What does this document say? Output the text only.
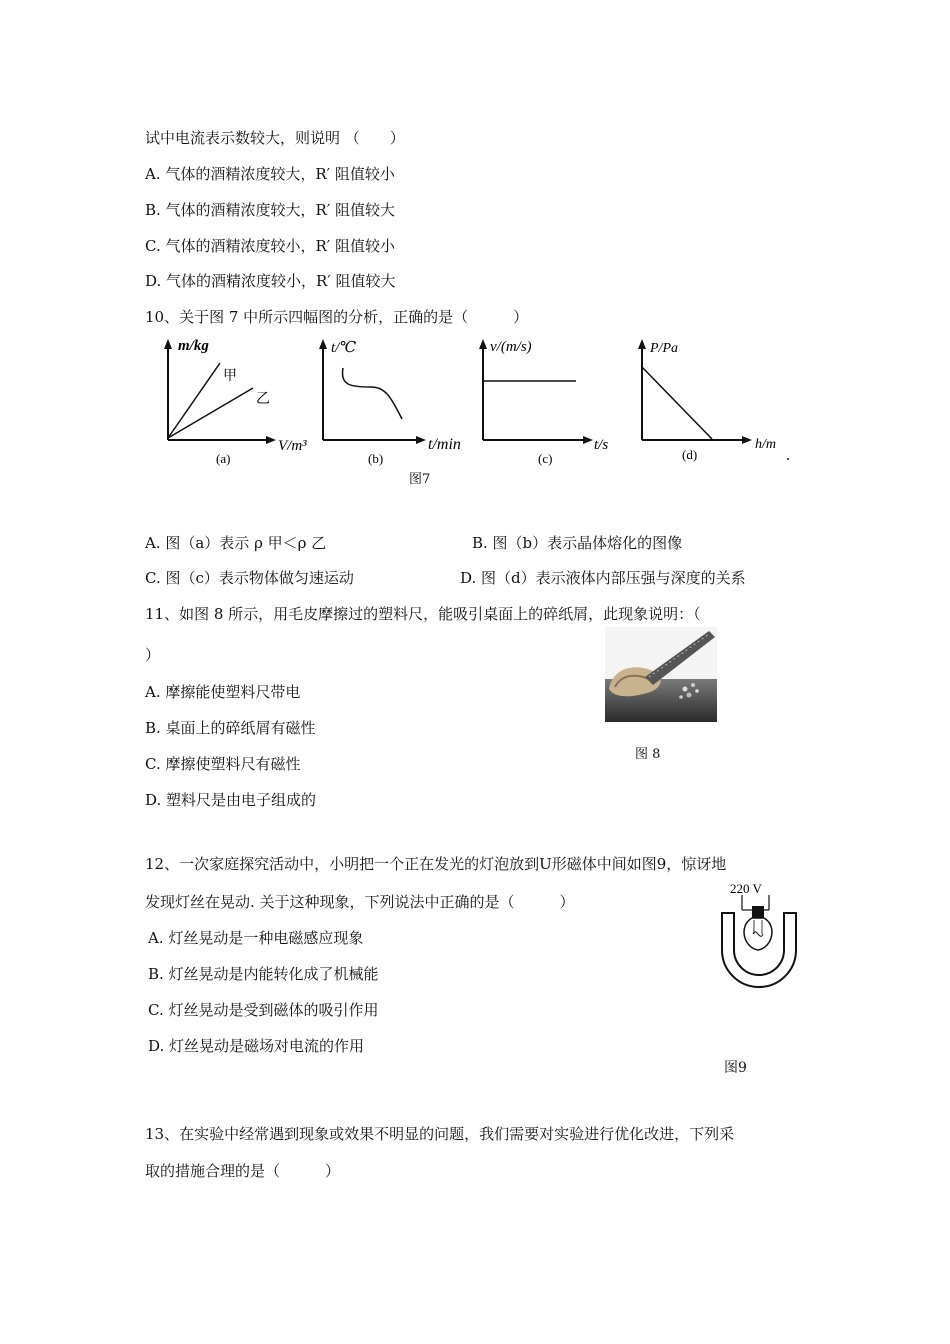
试中电流表示数较大，则说明 （　　）
A. 气体的酒精浓度较大，R′ 阻值较小
B. 气体的酒精浓度较大，R′ 阻值较大
C. 气体的酒精浓度较小，R′ 阻值较小
D. 气体的酒精浓度较小，R′ 阻值较大
10、关于图 7 中所示四幅图的分析，正确的是（　　　）
m/kg
甲
乙
V/m³
(a)
t/℃
t/min
(b)
v/(m/s)
t/s
(c)
P/Pa
h/m
(d)
图7
A. 图（a）表示 ρ 甲＜ρ 乙	B. 图（b）表示晶体熔化的图像
C. 图（c）表示物体做匀速运动	D. 图（d）表示液体内部压强与深度的关系
11、如图 8 所示，用毛皮摩擦过的塑料尺，能吸引桌面上的碎纸屑，此现象说明：（
）
A. 摩擦能使塑料尺带电
B. 桌面上的碎纸屑有磁性
C. 摩擦使塑料尺有磁性
D. 塑料尺是由电子组成的
图 8
12、一次家庭探究活动中，小明把一个正在发光的灯泡放到U形磁体中间如图9，惊讶地
发现灯丝在晃动. 关于这种现象，下列说法中正确的是（　　　）
A. 灯丝晃动是一种电磁感应现象
B. 灯丝晃动是内能转化成了机械能
C. 灯丝晃动是受到磁体的吸引作用
D. 灯丝晃动是磁场对电流的作用
220 V
图9
13、在实验中经常遇到现象或效果不明显的问题，我们需要对实验进行优化改进，下列采
取的措施合理的是（　　　）
